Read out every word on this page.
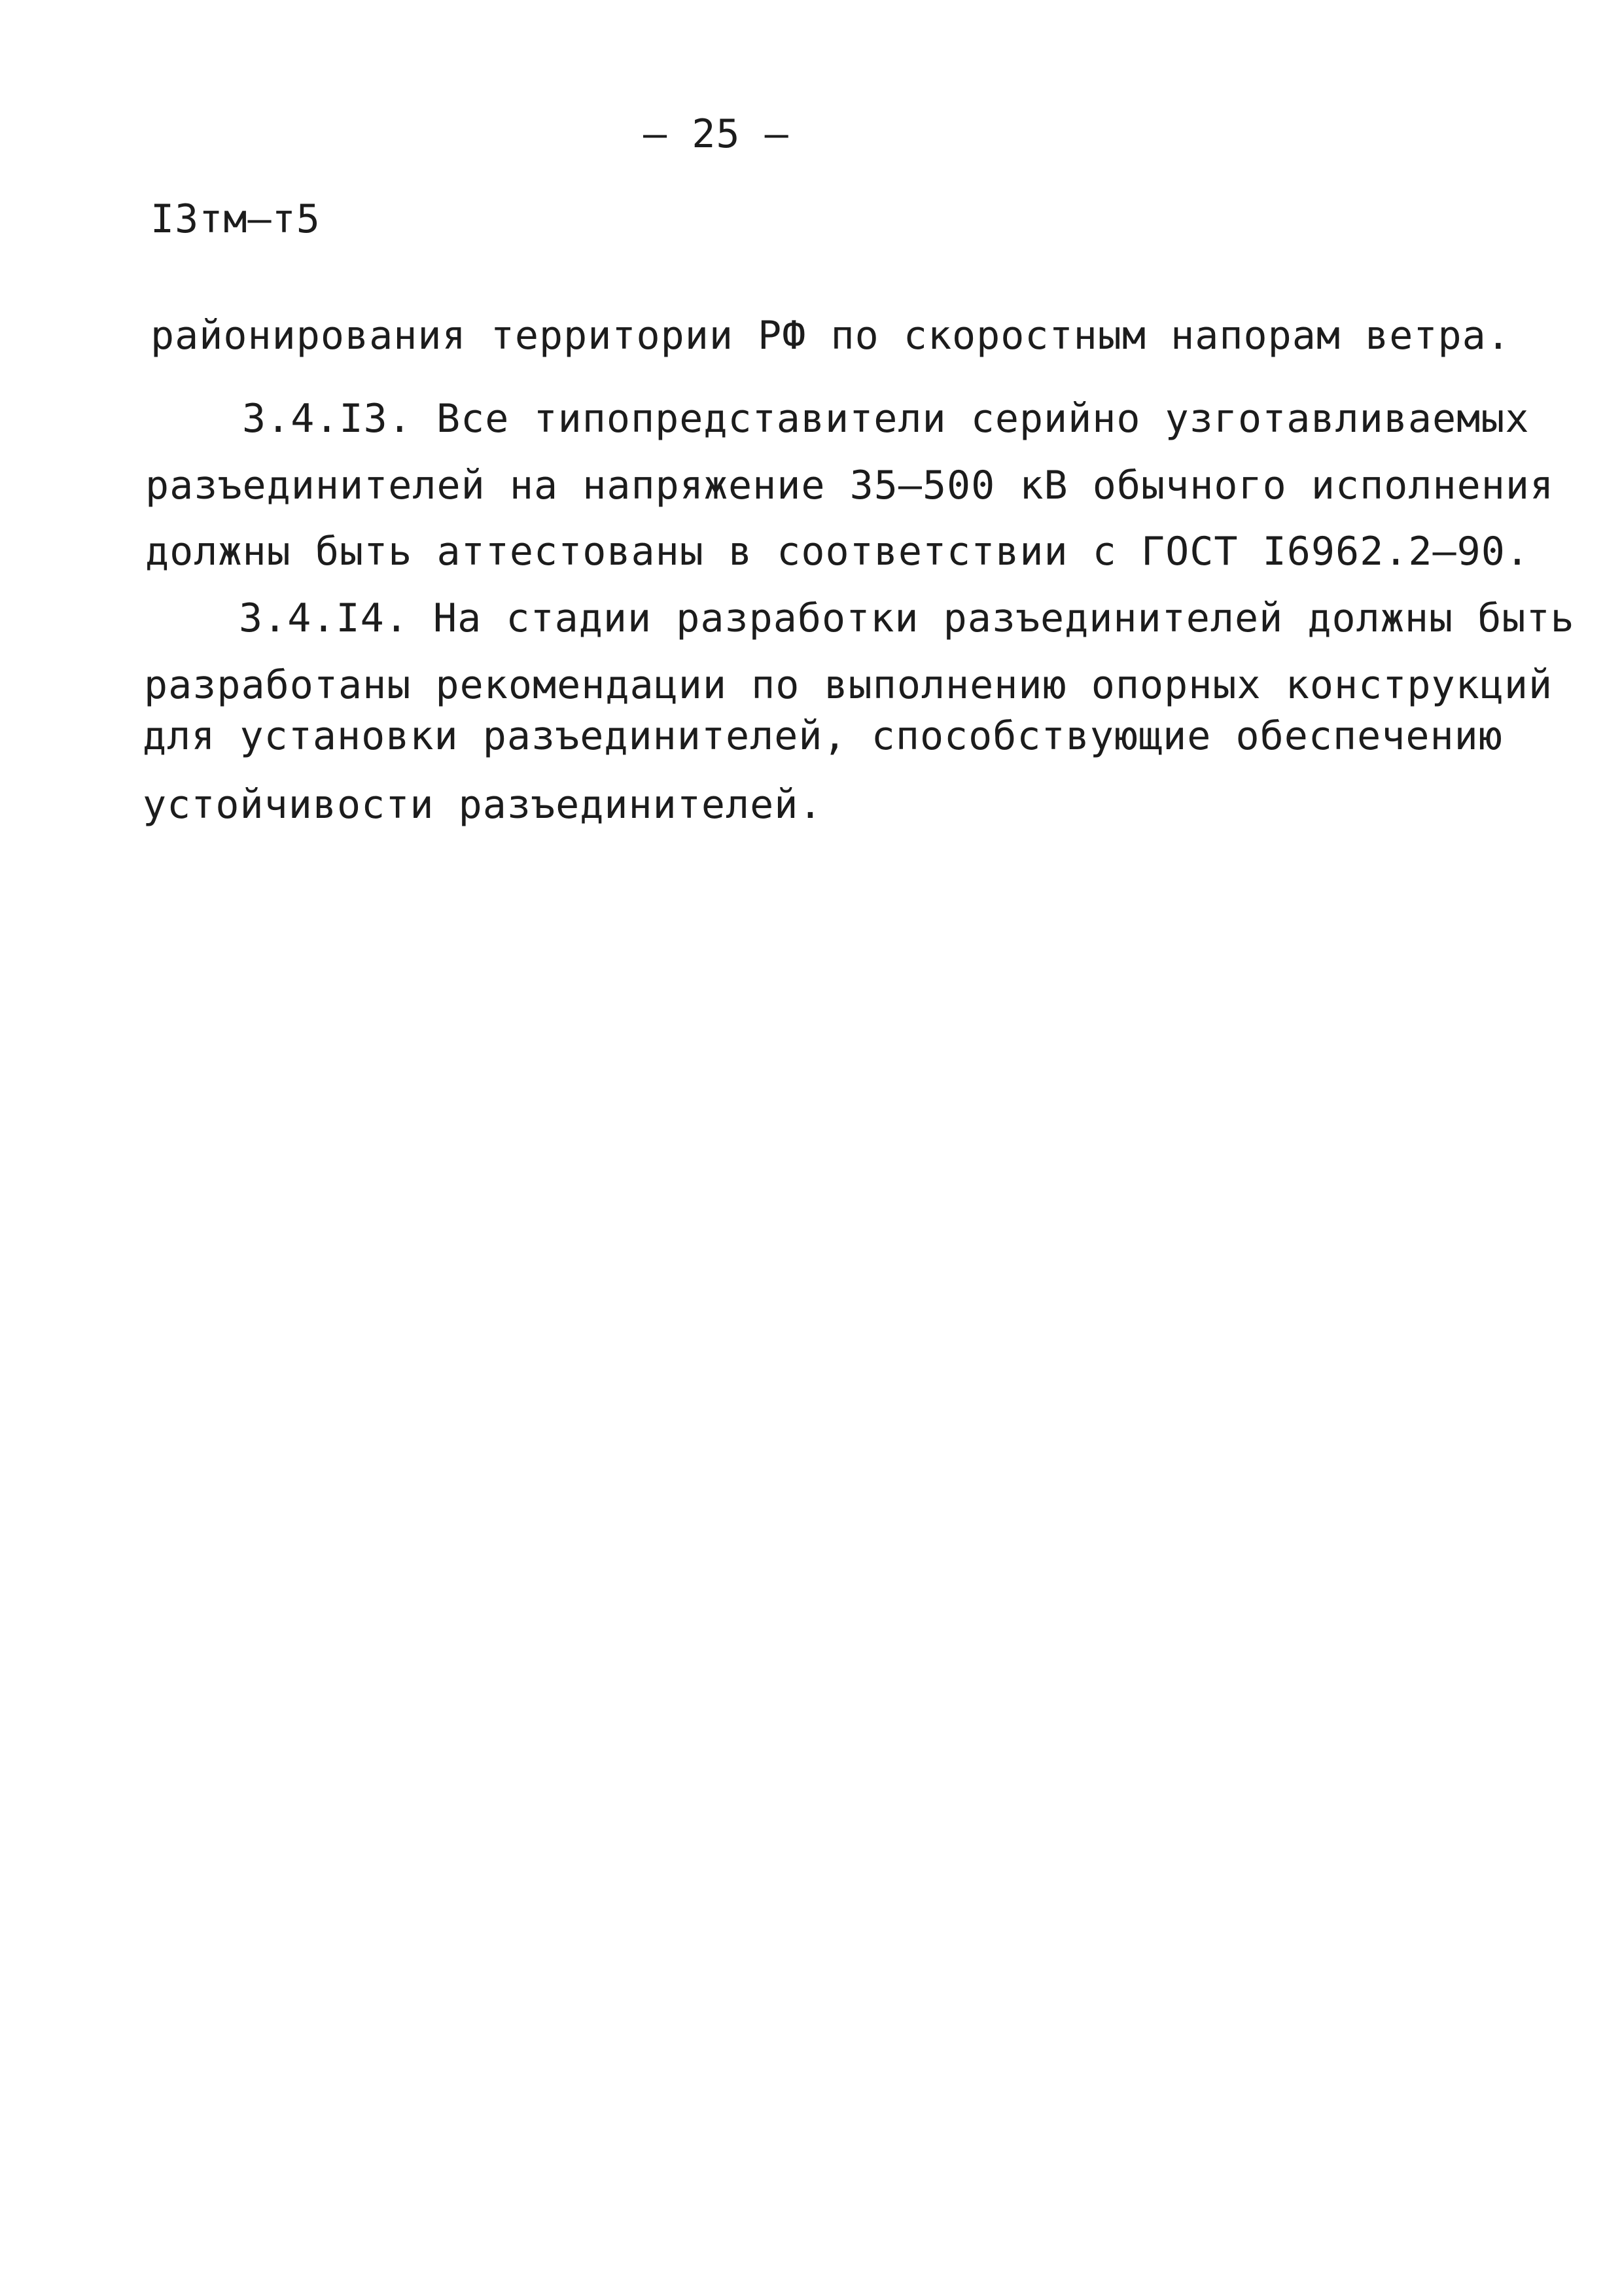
– 25 –
I3тм–т5
районирования территории РФ по скоростным напорам ветра.
3.4.I3. Все типопредставители серийно узготавливаемых
разъединителей на напряжение 35–500 кВ обычного исполнения
должны быть аттестованы в соответствии с ГОСТ I6962.2–90.
3.4.I4. На стадии разработки разъединителей должны быть
разработаны рекомендации по выполнению опорных конструкций
для установки разъединителей, способствующие обеспечению
устойчивости разъединителей.
